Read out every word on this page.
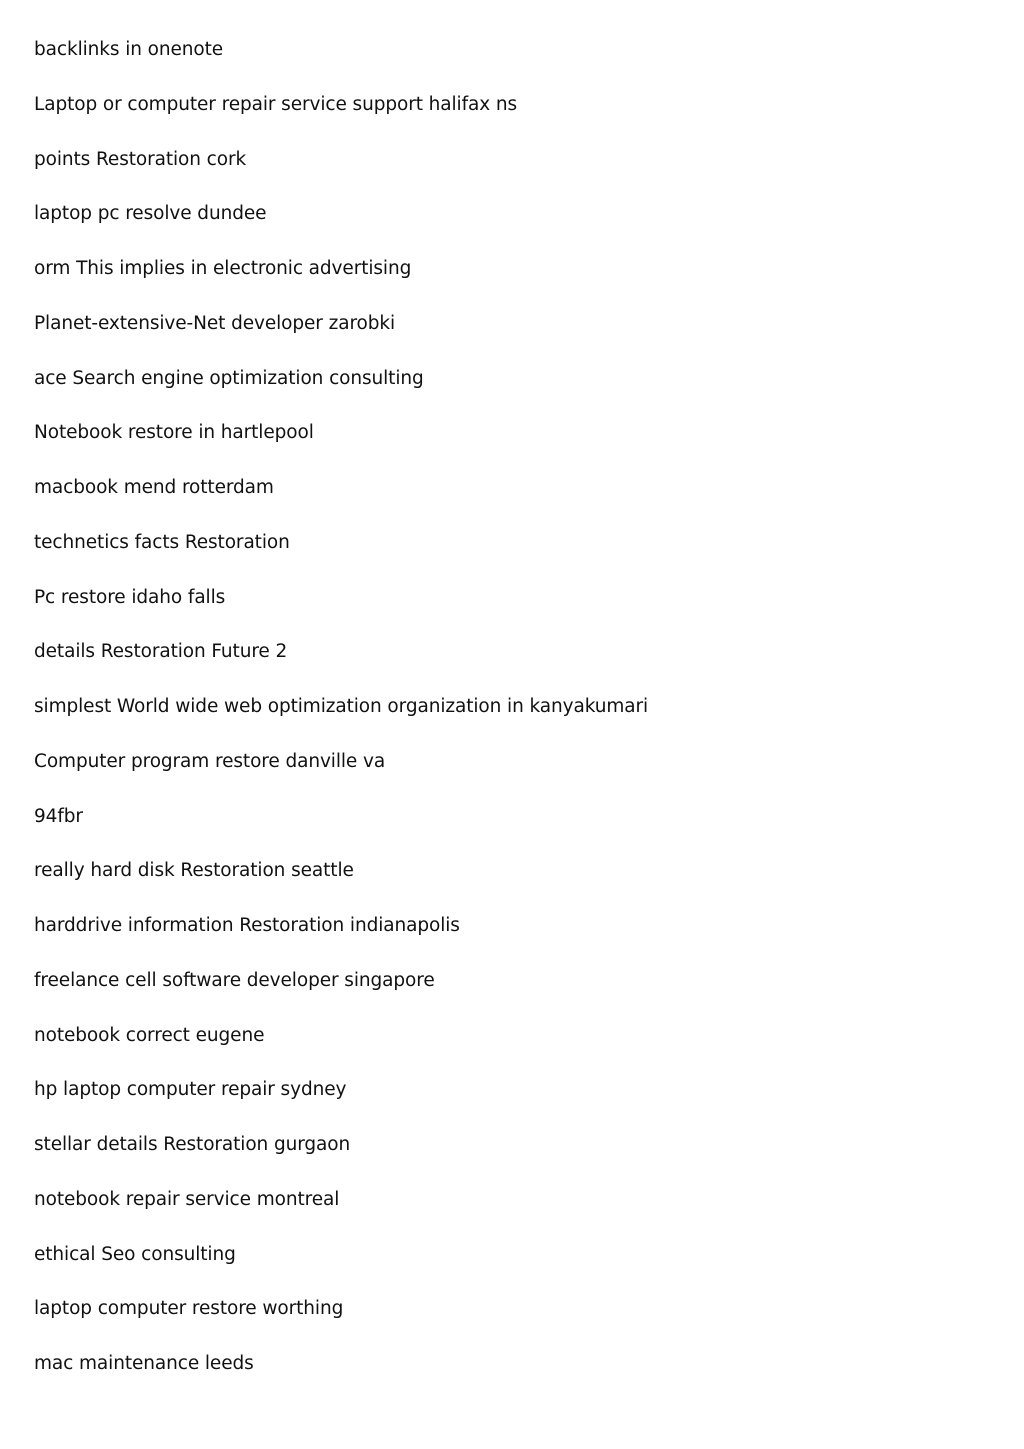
backlinks in onenote
Laptop or computer repair service support halifax ns
points Restoration cork
laptop pc resolve dundee
orm This implies in electronic advertising
Planet-extensive-Net developer zarobki
ace Search engine optimization consulting
Notebook restore in hartlepool
macbook mend rotterdam
technetics facts Restoration
Pc restore idaho falls
details Restoration Future 2
simplest World wide web optimization organization in kanyakumari
Computer program restore danville va
94fbr
really hard disk Restoration seattle
harddrive information Restoration indianapolis
freelance cell software developer singapore
notebook correct eugene
hp laptop computer repair sydney
stellar details Restoration gurgaon
notebook repair service montreal
ethical Seo consulting
laptop computer restore worthing
mac maintenance leeds
